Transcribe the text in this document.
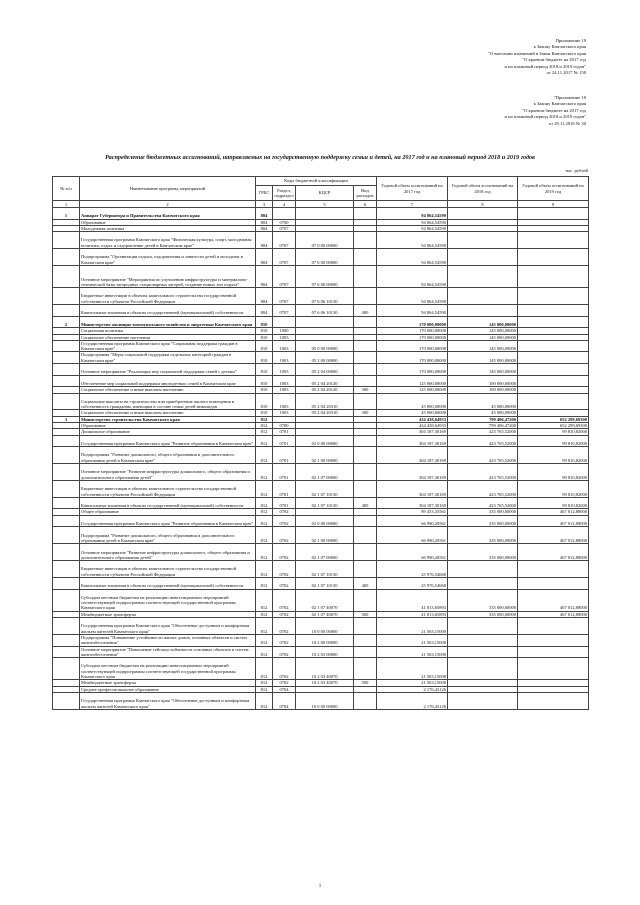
Приложение 19
к Закону Камчатского края
"О внесении изменений в Закон Камчатского края
"О краевом бюджете на 2017 год
и на плановый период 2018 и 2019 годов"
от 24.11.2017 № 150
"Приложение 19
к Закону Камчатского края
"О краевом бюджете на 2017 год
и на плановый период 2018 и 2019 годов"
от 29.11.2016 № 30
Распределение бюджетных ассигнований, направляемых на государственную поддержку семьи и детей, на 2017 год и на плановый период 2018 и 2019 годов
тыс. рублей
№ п/п	Наименование программ, мероприятий	Коды бюджетной классификации				Годовой объем ассигнований на 2017 год	Годовой объем ассигнований на 2018 год	Годовой объем ассигнований на 2019 год
		ГРБС	Раздел, подраздел	КЦСР	Вид расходов			
1	2	3	4	5	6	7	8	9
1	Аппарат Губернатора и Правительства Камчатского края	804				94 864,54590		
	Образование	804	0700			94 864,54590		
	Молодежная политика	804	0707			94 864,54590		
	Государственная программа Камчатского края "Физическая культура, спорт, молодежная политика, отдых и оздоровление детей в Камчатском крае"	804	0707	07 0 00 00000		94 864,54590		
	Подпрограмма "Организация отдыха, оздоровления и занятости детей и молодежи в Камчатском крае"	804	0707	07 6 00 00000		94 864,54590		
	Основное мероприятие "Мероприятия по улучшению инфраструктуры и материально-технической базы загородных стационарных лагерей, создание новых зон отдыха"	804	0707	07 6 06 00000		94 864,54590		
	Бюджетные инвестиции в объекты капитального строительства государственной собственности субъектов Российской Федерации	804	0707	07 6 06 10130		94 864,54590		
	Капитальные вложения в объекты государственной (муниципальной) собственности	804	0707	07 6 06 10130	400	94 864,54590		
2	Министерство жилищно-коммунального хозяйства и энергетики Камчатского края	810				170 000,00000	145 000,00000	
	Социальная политика	810	1000			170 000,00000	145 000,00000	
	Социальное обеспечение населения	810	1003			170 000,00000	145 000,00000	
	Государственная программа Камчатского края "Социальная поддержка граждан в Камчатском крае"	810	1003	05 0 00 00000		170 000,00000	145 000,00000	
	Подпрограмма "Меры социальной поддержки отдельных категорий граждан в Камчатском крае"	810	1003	05 2 00 00000		170 000,00000	145 000,00000	
	Основное мероприятие "Реализация мер социальной поддержки семей с детьми"	810	1003	05 2 04 00000		170 000,00000	145 000,00000	
	Обеспечение мер социальной поддержки многодетных семей в Камчатском крае	810	1003	05 2 04 20120		125 000,00000	100 000,00000	
	Социальное обеспечение и иные выплаты населению	810	1003	05 2 04 20120	300	125 000,00000	100 000,00000	
	Социальные выплаты на строительство или приобретение жилого помещения в собственность гражданам, имеющим в составе семьи детей-инвалидов	810	1003	05 2 04 20310		45 000,00000	45 000,00000	
	Социальное обеспечение и иные выплаты населению	810	1003	05 2 04 20310	300	45 000,00000	45 000,00000	
3	Министерство строительства Камчатского края	812				434 438,64933	799 406,47200	652 299,69300
	Образование	812	0700			434 438,64933	799 406,47200	652 299,69300
	Дошкольное образование	812	0701			304 187,30169	423 765,52000	99 810,82000
	Государственная программа Камчатского края "Развитие образования в Камчатском крае"	812	0701	02 0 00 00000		304 187,30169	423 765,52000	99 810,82000
	Подпрограмма "Развитие дошкольного, общего образования и дополнительного образования детей в Камчатском крае"	812	0701	02 1 00 00000		304 187,30169	423 765,52000	99 810,82000
	Основное мероприятие "Развитие инфраструктуры дошкольного, общего образования и дополнительного образования детей"	812	0701	02 1 07 00000		304 187,30169	423 765,52000	99 810,82000
	Бюджетные инвестиции в объекты капитального строительства государственной собственности субъектов Российской Федерации	812	0701	02 1 07 10130		304 187,30169	423 765,52000	99 810,82000
	Капитальные вложения в объекты государственной (муниципальной) собственности	812	0701	02 1 07 10130	400	304 187,30169	423 765,52000	99 810,82000
	Общее образование	812	0702			89 453,35561	335 000,00000	467 012,88000
	Государственная программа Камчатского края "Развитие образования в Камчатском крае"	812	0702	02 0 00 00000		66 990,20561	335 000,00000	467 012,88000
	Подпрограмма "Развитие дошкольного, общего образования и дополнительного образования детей в Камчатском крае"	812	0702	02 1 00 00000		66 990,20561	335 000,00000	467 012,88000
	Основное мероприятие "Развитие инфраструктуры дошкольного, общего образования и дополнительного образования детей"	812	0702	02 1 07 00000		66 990,20561	335 000,00000	467 012,88000
	Бюджетные инвестиции в объекты капитального строительства государственной собственности субъектов Российской Федерации	812	0702	02 1 07 10130		25 976,54668		
	Капитальные вложения в объекты государственной (муниципальной) собственности	812	0702	02 1 07 10130	400	25 976,54668		
	Субсидии местным бюджетам на реализацию инвестиционных мероприятий соответствующей подпрограммы соответствующей государственной программы Камчатского края	812	0702	02 1 07 40070		41 013,65893	335 000,00000	467 012,88000
	Межбюджетные трансферты	812	0702	02 1 07 40070	500	41 013,65893	335 000,00000	467 012,88000
	Государственная программа Камчатского края "Обеспечение доступным и комфортным жильем жителей Камчатского края"	812	0702	10 0 00 00000		21 563,15000		
	Подпрограмма "Повышение устойчивости жилых домов, основных объектов и систем жизнеобеспечения"	812	0702	10 2 00 00000		21 563,15000		
	Основное мероприятие "Повышение сейсмоустойчивости основных объектов и систем жизнеобеспечения"	812	0702	10 2 03 00000		21 563,15000		
	Субсидии местным бюджетам на реализацию инвестиционных мероприятий соответствующей подпрограммы соответствующей государственной программы Камчатского края	812	0702	10 2 03 40070		21 563,15000		
	Межбюджетные трансферты	812	0702	10 2 03 40070	500	21 563,15000		
	Среднее профессиональное образование	812	0704			2 176,43126		
	Государственная программа Камчатского края "Обеспечение доступным и комфортным жильем жителей Камчатского края"	812	0704	10 0 00 00000		2 176,43126		
1
